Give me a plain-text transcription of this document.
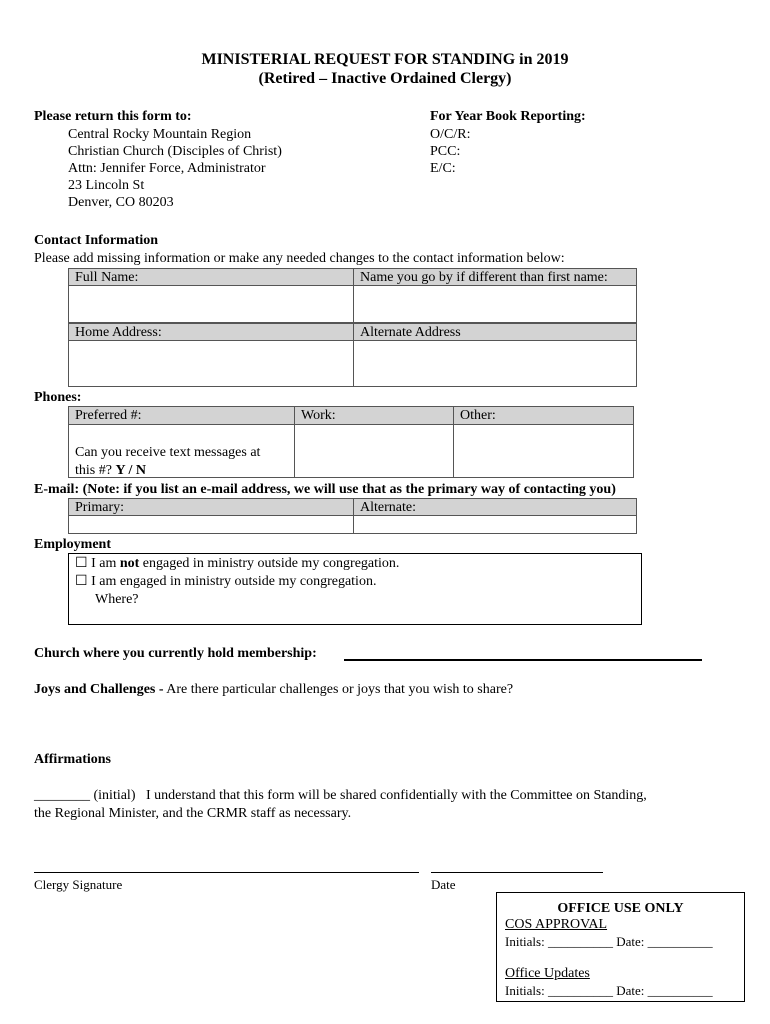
MINISTERIAL REQUEST FOR STANDING in 2019
(Retired – Inactive Ordained Clergy)
Please return this form to:
Central Rocky Mountain Region
Christian Church (Disciples of Christ)
Attn: Jennifer Force, Administrator
23 Lincoln St
Denver, CO 80203
For Year Book Reporting:
O/C/R:
PCC:
E/C:
Contact Information
Please add missing information or make any needed changes to the contact information below:
Full Name:	Name you go by if different than first name:
Home Address:	Alternate Address
Phones:
Preferred #:	Work:	Other:
Can you receive text messages at
this #? Y / N
E-mail: (Note: if you list an e-mail address, we will use that as the primary way of contacting you)
Primary:	Alternate:
Employment
☐ I am not engaged in ministry outside my congregation.
☐ I am engaged in ministry outside my congregation.
Where?
Church where you currently hold membership:
Joys and Challenges - Are there particular challenges or joys that you wish to share?
Affirmations
________ (initial) I understand that this form will be shared confidentially with the Committee on Standing,
the Regional Minister, and the CRMR staff as necessary.
Clergy Signature	Date
OFFICE USE ONLY
COS APPROVAL
Initials: __________ Date: __________
Office Updates
Initials: __________ Date: __________
